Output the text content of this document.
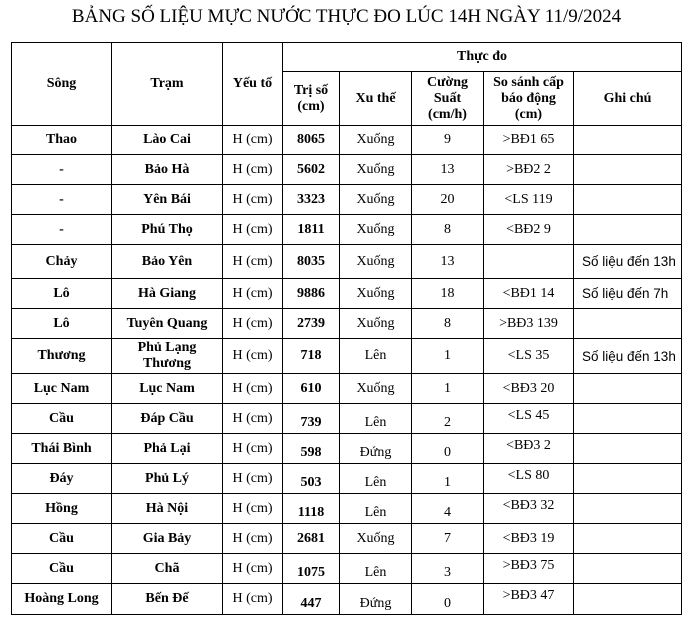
BẢNG SỐ LIỆU MỰC NƯỚC THỰC ĐO LÚC 14H NGÀY 11/9/2024
Sông	Trạm	Yếu tố	Thực đo				
			Trị số (cm)	Xu thế	Cường Suất (cm/h)	So sánh cấp báo động (cm)	Ghi chú
Thao	Lào Cai	H (cm)	8065	Xuống	9	>BĐ1 65	
-	Bảo Hà	H (cm)	5602	Xuống	13	>BĐ2 2	
-	Yên Bái	H (cm)	3323	Xuống	20	<LS 119	
-	Phú Thọ	H (cm)	1811	Xuống	8	<BĐ2 9	
Chảy	Bảo Yên	H (cm)	8035	Xuống	13		Số liệu đến 13h
Lô	Hà Giang	H (cm)	9886	Xuống	18	<BĐ1 14	Số liệu đến 7h
Lô	Tuyên Quang	H (cm)	2739	Xuống	8	>BĐ3 139	
Thương	Phủ Lạng Thương	H (cm)	718	Lên	1	<LS 35	Số liệu đến 13h
Lục Nam	Lục Nam	H (cm)	610	Xuống	1	<BĐ3 20	
Cầu	Đáp Cầu	H (cm)	739	Lên	2	<LS 45	
Thái Bình	Phả Lại	H (cm)	598	Đứng	0	<BĐ3 2	
Đáy	Phủ Lý	H (cm)	503	Lên	1	<LS 80	
Hồng	Hà Nội	H (cm)	1118	Lên	4	<BĐ3 32	
Cầu	Gia Bảy	H (cm)	2681	Xuống	7	<BĐ3 19	
Cầu	Chã	H (cm)	1075	Lên	3	>BĐ3 75	
Hoàng Long	Bến Đế	H (cm)	447	Đứng	0	>BĐ3 47	
